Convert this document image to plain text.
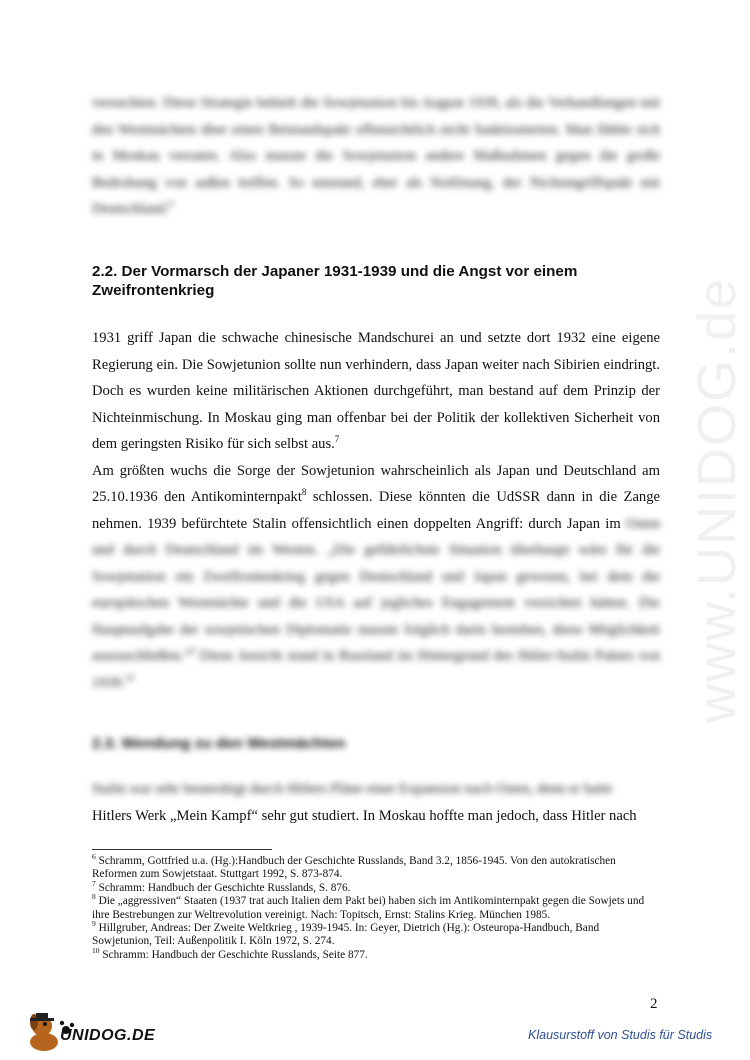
www.UNIDOG.de

versuchten. Diese Strategie behielt die Sowjetunion bis August 1939, als die Verhandlungen mit den Westmächten über einen Beistandspakt offensichtlich nicht funktionierten. Man fühlte sich in Moskau verraten. Also musste die Sowjetunion andere Maßnahmen gegen die große Bedrohung von außen treffen. So entstand, eher als Notlösung, der Nichtangriffspakt mit Deutschland.$^6$

2.2. Der Vormarsch der Japaner 1931-1939 und die Angst vor einem Zweifrontenkrieg
1931 griff Japan die schwache chinesische Mandschurei an und setzte dort 1932 eine eigene Regierung ein. Die Sowjetunion sollte nun verhindern, dass Japan weiter nach Sibirien eindringt. Doch es wurden keine militärischen Aktionen durchgeführt, man bestand auf dem Prinzip der Nichteinmischung. In Moskau ging man offenbar bei der Politik der kollektiven Sicherheit von dem geringsten Risiko für sich selbst aus.$^7$
Am größten wuchs die Sorge der Sowjetunion wahrscheinlich als Japan und Deutschland am 25.10.1936 den Antikominternpakt$^8$ schlossen. Diese könnten die UdSSR dann in die Zange nehmen. 1939 befürchtete Stalin offensichtlich einen doppelten Angriff: durch Japan im Osten und durch Deutschland im Westen. „Die gefährlichste Situation überhaupt wäre für die Sowjetunion ein Zweifrontenkrieg gegen Deutschland und Japan gewesen, bei dem die europäischen Westmächte und die USA auf jegliches Engagement verzichtet hätten. Die Hauptaufgabe der sowjetischen Diplomatie musste folglich darin bestehen, diese Möglichkeit auszuschließen.“$^9$ Diese Ansicht stand in Russland im Hintergrund des Hitler-Stalin Paktes von 1939.10
2.3. Wendung zu den Westmächten
Stalin war sehr beunruhigt durch Hitlers Pläne einer Expansion nach Osten, denn er hatte
Hitlers Werk „Mein Kampf“ sehr gut studiert. In Moskau hoffte man jedoch, dass Hitler nach

$^6$ Schramm, Gottfried u.a. (Hg.):Handbuch der Geschichte Russlands, Band 3.2, 1856-1945. Von den autokratischen Reformen zum Sowjetstaat. Stuttgart 1992, S. 873-874.

$^7$ Schramm: Handbuch der Geschichte Russlands, S. 876.

$^8$ Die „aggressiven“ Staaten (1937 trat auch Italien dem Pakt bei) haben sich im Antikominternpakt gegen die Sowjets und ihre Bestrebungen zur Weltrevolution vereinigt. Nach: Topitsch, Ernst: Stalins Krieg. München 1985.

$^9$ Hillgruber, Andreas: Der Zweite Weltkrieg , 1939-1945. In: Geyer, Dietrich (Hg.): Osteuropa-Handbuch, Band Sowjetunion, Teil: Außenpolitik I. Köln 1972, S. 274.

$^{10}$ Schramm: Handbuch der Geschichte Russlands, Seite 877.

2
UNIDOG.DE	Klausurstoff von Studis für Studis
